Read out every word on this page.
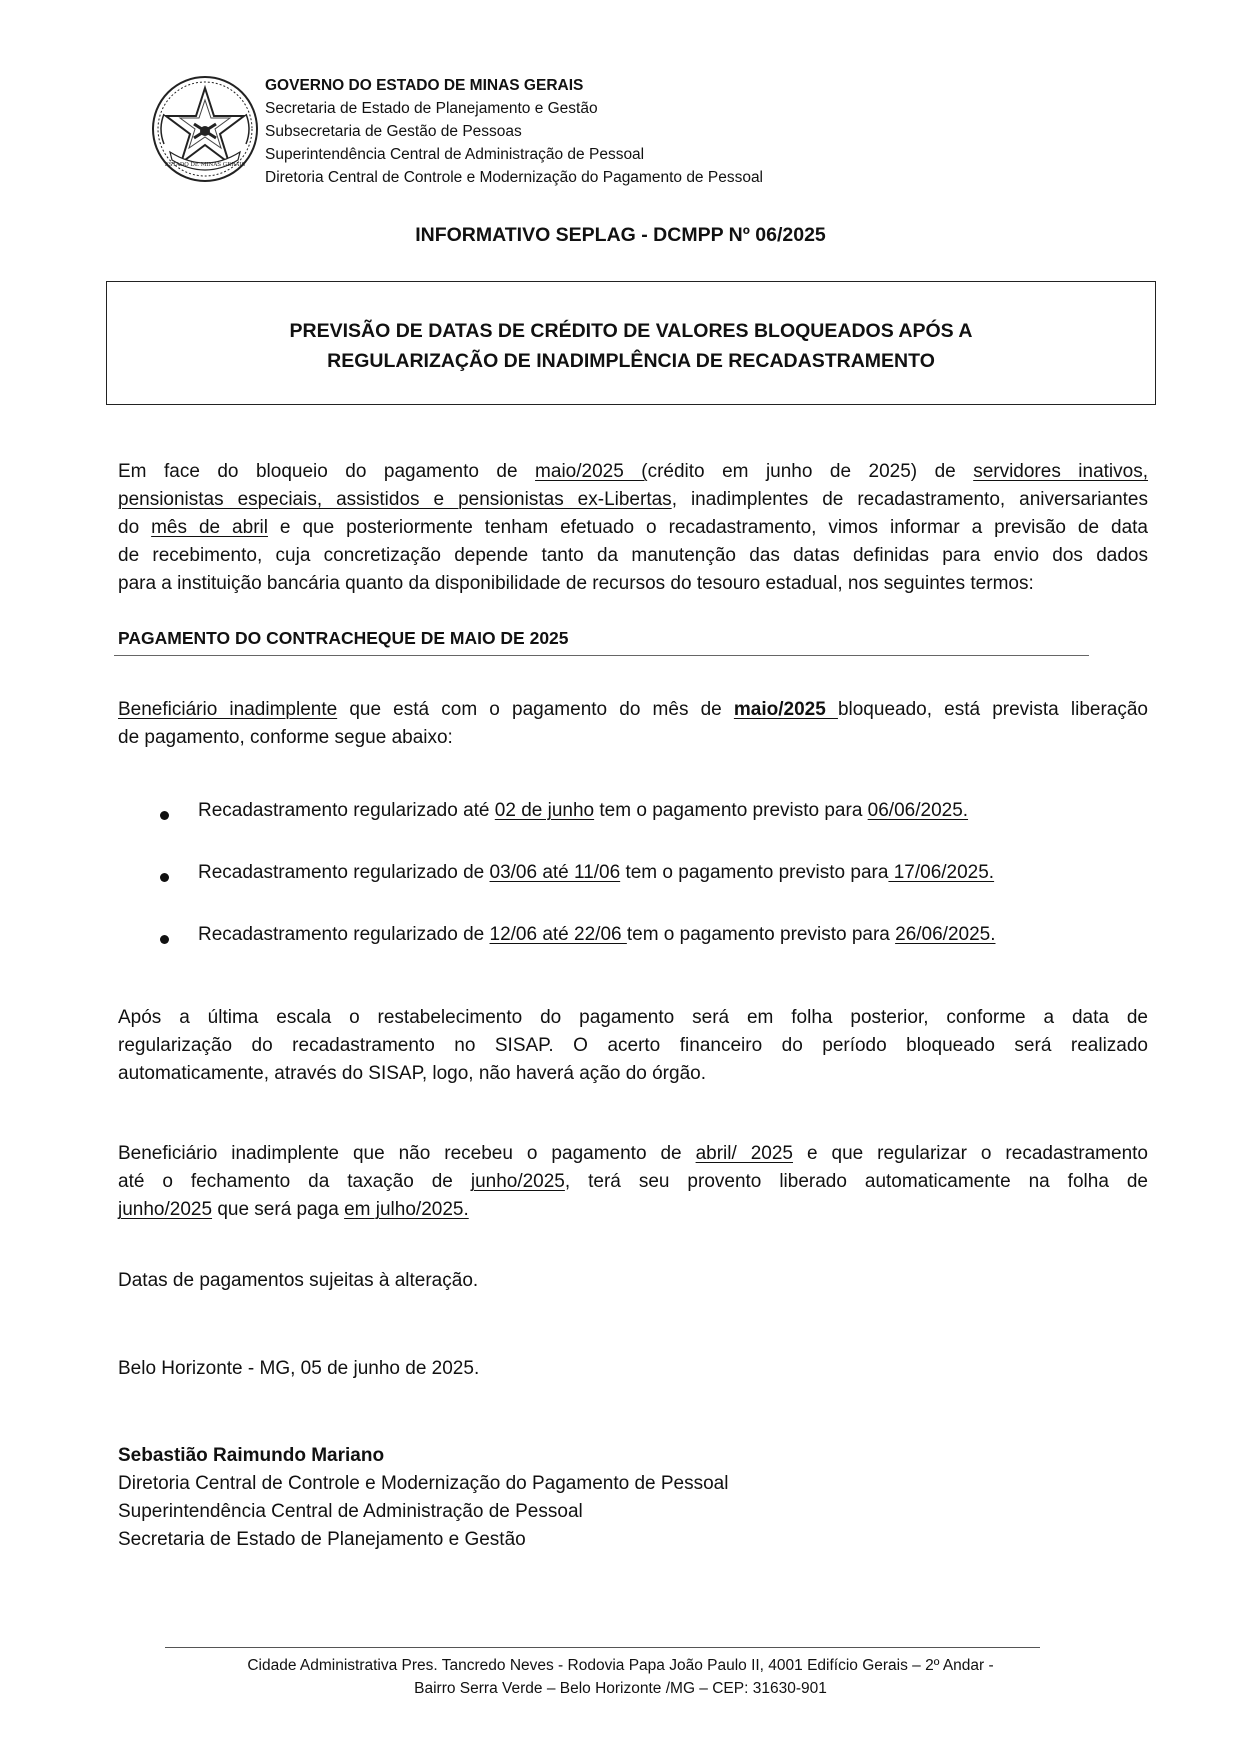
ESTADO DE MINAS GERAIS
GOVERNO DO ESTADO DE MINAS GERAIS
Secretaria de Estado de Planejamento e Gestão
Subsecretaria de Gestão de Pessoas
Superintendência Central de Administração de Pessoal
Diretoria Central de Controle e Modernização do Pagamento de Pessoal
INFORMATIVO SEPLAG - DCMPP Nº 06/2025
PREVISÃO DE DATAS DE CRÉDITO DE VALORES BLOQUEADOS APÓS A
REGULARIZAÇÃO DE INADIMPLÊNCIA DE RECADASTRAMENTO
Em face do bloqueio do pagamento de maio/2025 (crédito em junho de 2025) de servidores inativos,
pensionistas especiais, assistidos e pensionistas ex-Libertas, inadimplentes de recadastramento, aniversariantes
do mês de abril e que posteriormente tenham efetuado o recadastramento, vimos informar a previsão de data
de recebimento, cuja concretização depende tanto da manutenção das datas definidas para envio dos dados
para a instituição bancária quanto da disponibilidade de recursos do tesouro estadual, nos seguintes termos:
PAGAMENTO DO CONTRACHEQUE DE MAIO DE 2025
Beneficiário inadimplente que está com o pagamento do mês de maio/2025 bloqueado, está prevista liberação
de pagamento, conforme segue abaixo:
Recadastramento regularizado até 02 de junho tem o pagamento previsto para 06/06/2025.
Recadastramento regularizado de 03/06 até 11/06 tem o pagamento previsto para 17/06/2025.
Recadastramento regularizado de 12/06 até 22/06 tem o pagamento previsto para 26/06/2025.
Após a última escala o restabelecimento do pagamento será em folha posterior, conforme a data de
regularização do recadastramento no SISAP. O acerto financeiro do período bloqueado será realizado
automaticamente, através do SISAP, logo, não haverá ação do órgão.
Beneficiário inadimplente que não recebeu o pagamento de abril/ 2025 e que regularizar o recadastramento
até o fechamento da taxação de junho/2025, terá seu provento liberado automaticamente na folha de
junho/2025 que será paga em julho/2025.
Datas de pagamentos sujeitas à alteração.
Belo Horizonte - MG, 05 de junho de 2025.
Sebastião Raimundo Mariano
Diretoria Central de Controle e Modernização do Pagamento de Pessoal
Superintendência Central de Administração de Pessoal
Secretaria de Estado de Planejamento e Gestão
Cidade Administrativa Pres. Tancredo Neves - Rodovia Papa João Paulo II, 4001 Edifício Gerais – 2º Andar -
Bairro Serra Verde – Belo Horizonte /MG – CEP: 31630-901
